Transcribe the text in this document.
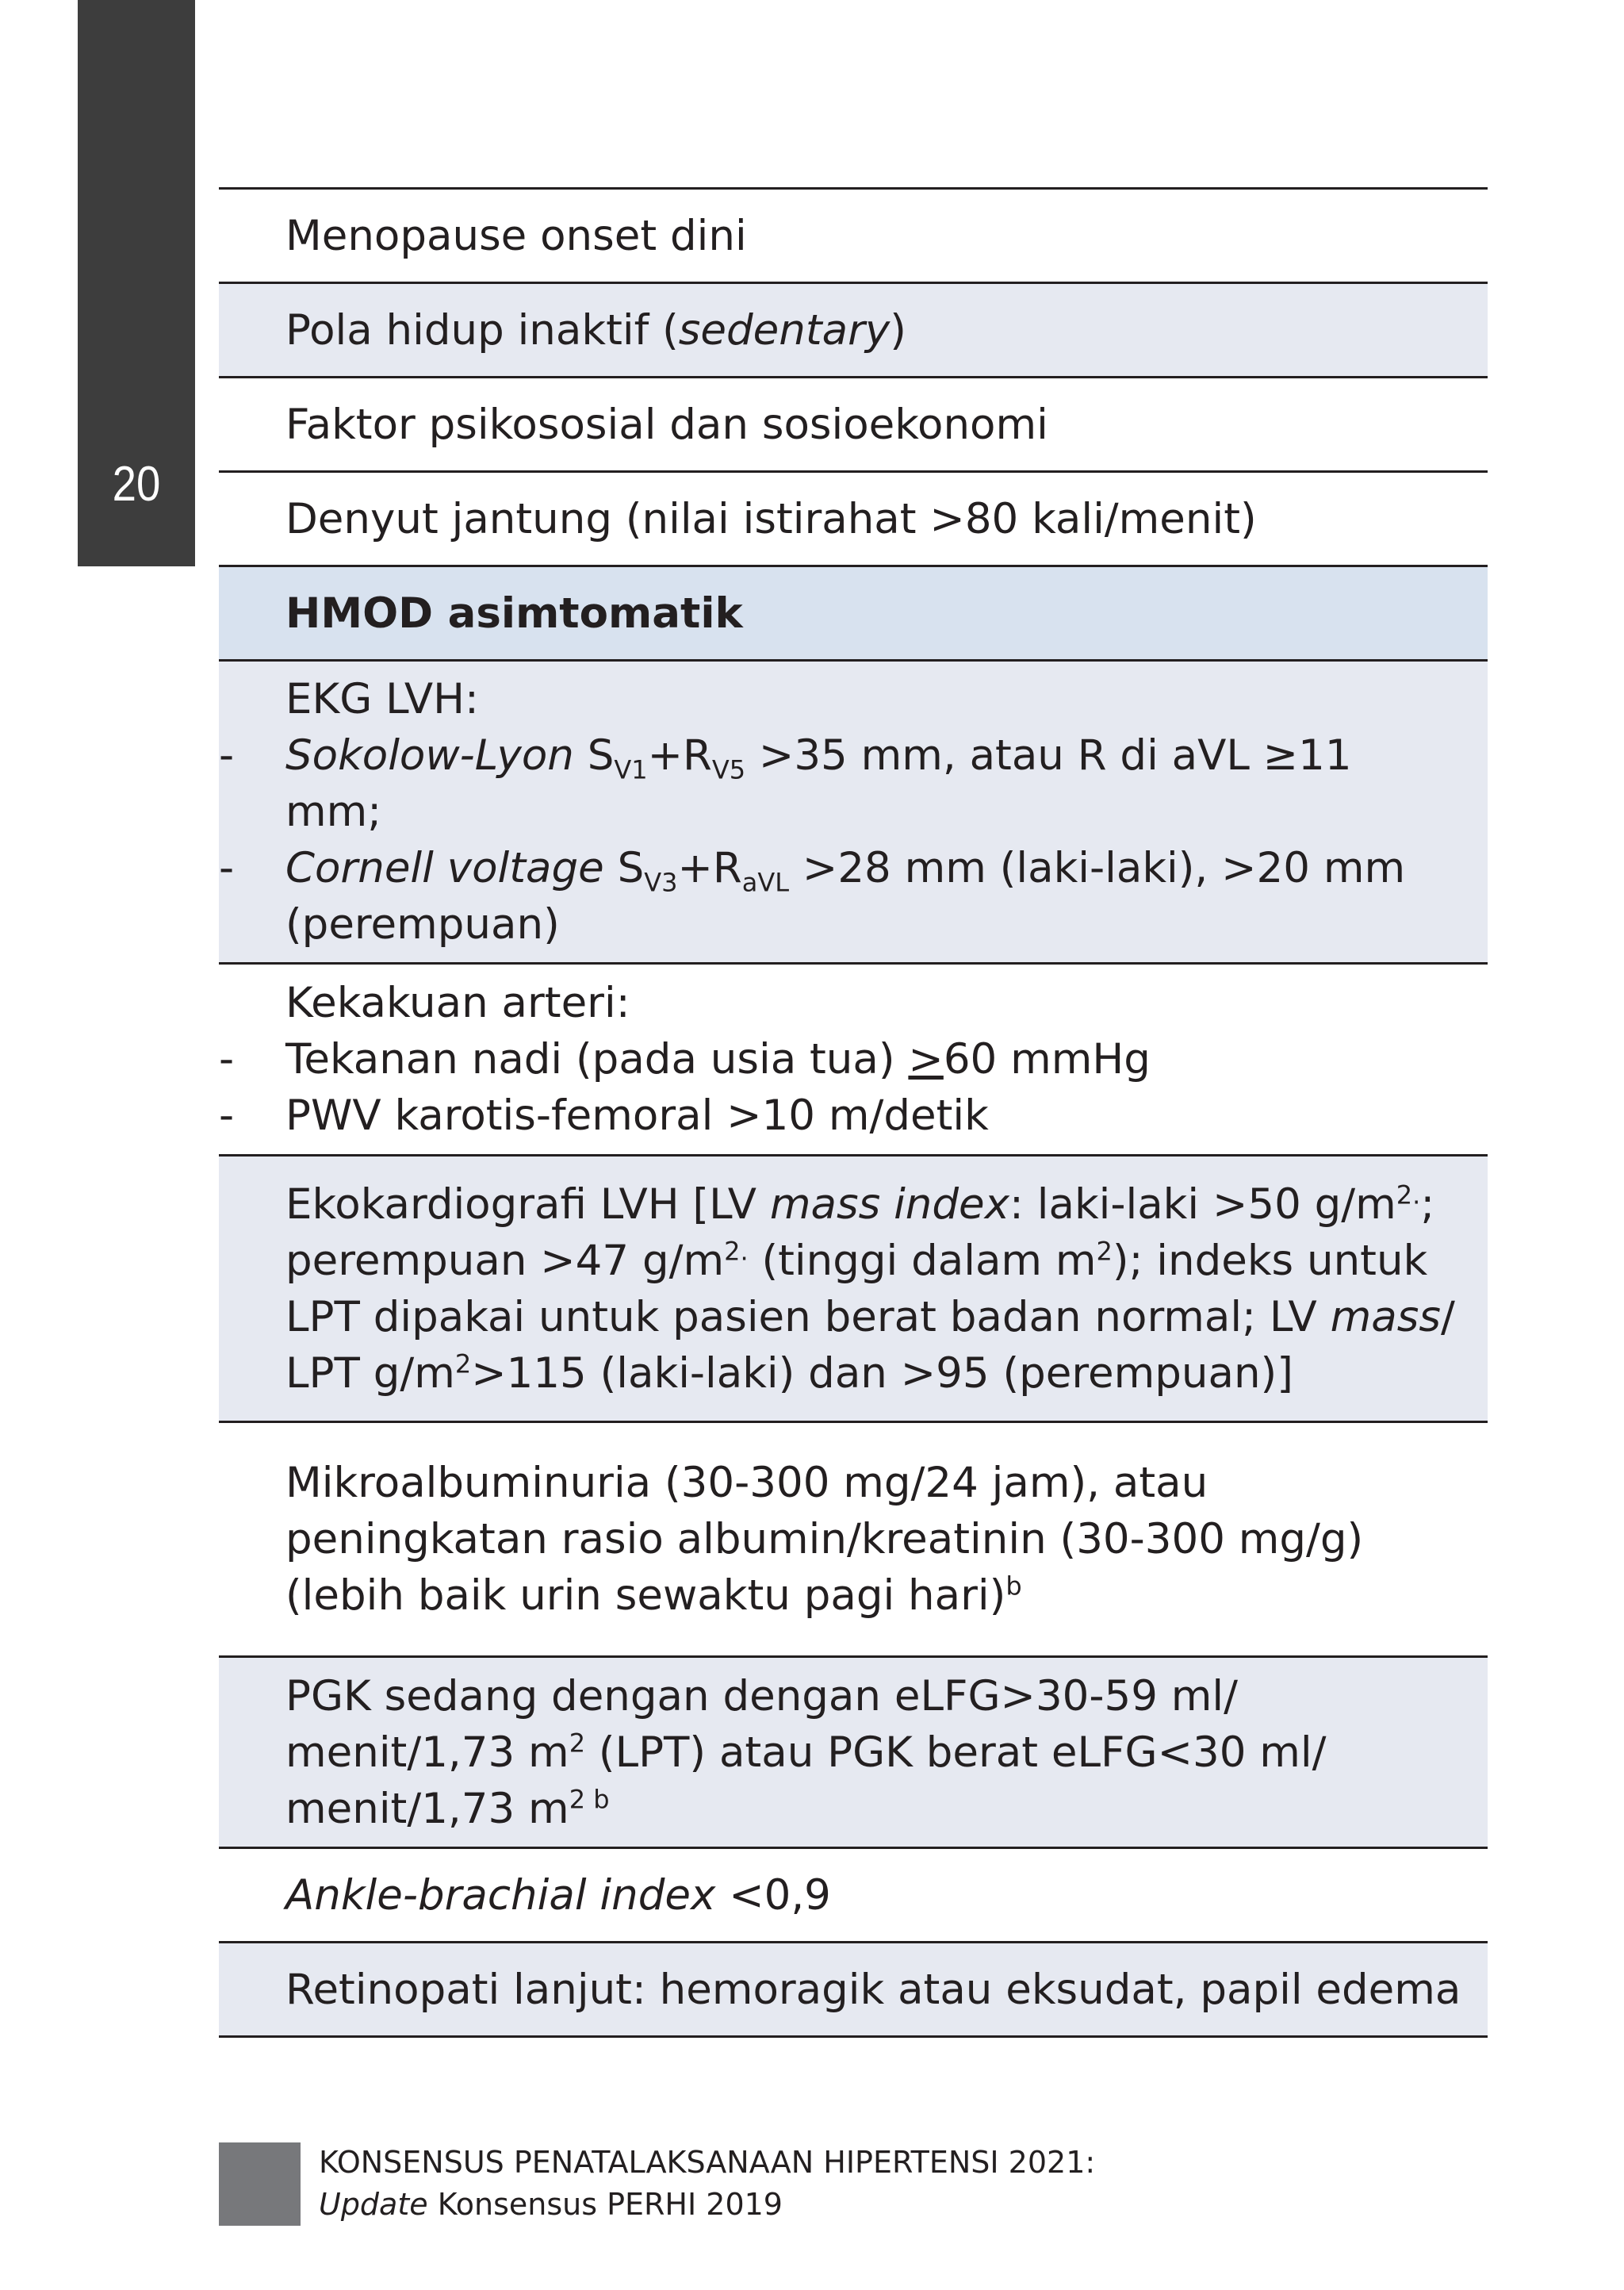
20
Menopause onset dini
Pola hidup inaktif (sedentary)
Faktor psikososial dan sosioekonomi
Denyut jantung (nilai istirahat >80 kali/menit)
HMOD asimtomatik
EKG LVH:
-	Sokolow-Lyon $S_{V1}+R_{V5} >35$ mm, atau R di aVL ≥11
mm;
-	Cornell voltage $S_{V3}+R_{aVL} >28$ mm (laki-laki), >20 mm
(perempuan)
Kekakuan arteri:
-	Tekanan nadi (pada usia tua) >60 mmHg
-	PWV karotis-femoral >10 m/detik
Ekokardiografi LVH [LV mass index: laki-laki >50 $g/m^{2.}$;
perempuan >47 $g/m^{2.}$ (tinggi dalam $m^2$); indeks untuk
LPT dipakai untuk pasien berat badan normal; LV mass/
LPT $g/m^2>115$ (laki-laki) dan >95 (perempuan)]
Mikroalbuminuria (30-300 mg/24 jam), atau
peningkatan rasio albumin/kreatinin (30-300 mg/g)
(lebih baik urin sewaktu pagi hari)$^b$
PGK sedang dengan dengan eLFG>30-59 ml/
menit/1,73 $m^2$ (LPT) atau PGK berat eLFG<30 ml/
menit/1,73 $m^{2 b}$
Ankle-brachial index <0,9
Retinopati lanjut: hemoragik atau eksudat, papil edema
KONSENSUS PENATALAKSANAAN HIPERTENSI 2021:
Update Konsensus PERHI 2019
